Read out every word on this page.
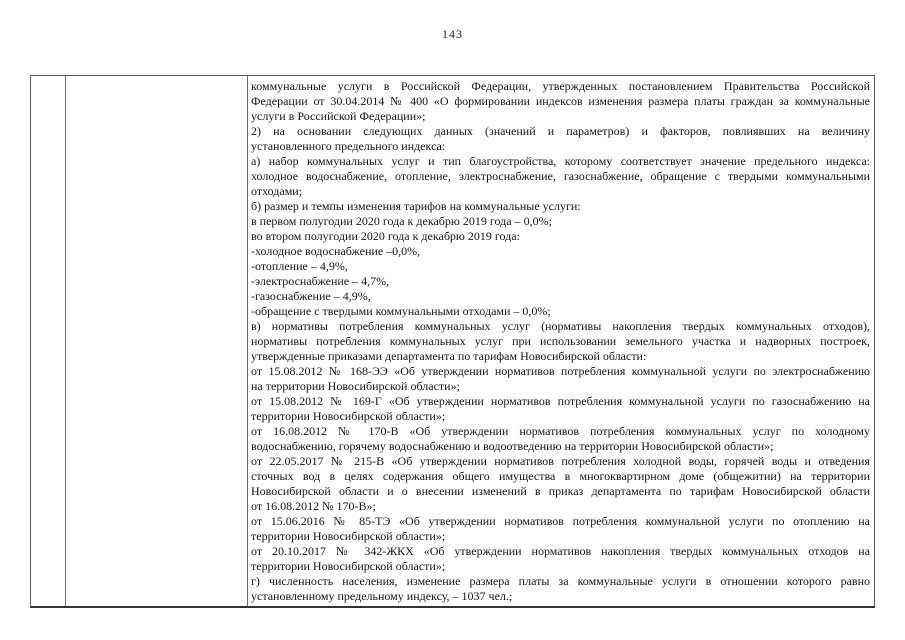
143
коммунальные услуги в Российской Федерации, утвержденных постановлением Правительства Российской
Федерации от 30.04.2014 № 400 «О формировании индексов изменения размера платы граждан за коммунальные
услуги в Российской Федерации»;
2) на основании следующих данных (значений и параметров) и факторов, повлиявших на величину
установленного предельного индекса:
а) набор коммунальных услуг и тип благоустройства, которому соответствует значение предельного индекса:
холодное водоснабжение, отопление, электроснабжение, газоснабжение, обращение с твердыми коммунальными
отходами;
б) размер и темпы изменения тарифов на коммунальные услуги:
в первом полугодии 2020 года к декабрю 2019 года – 0,0%;
во втором полугодии 2020 года к декабрю 2019 года:
-холодное водоснабжение –0,0%,
-отопление – 4,9%,
-электроснабжение – 4,7%,
-газоснабжение – 4,9%,
-обращение с твердыми коммунальными отходами – 0,0%;
в) нормативы потребления коммунальных услуг (нормативы накопления твердых коммунальных отходов),
нормативы потребления коммунальных услуг при использовании земельного участка и надворных построек,
утвержденные приказами департамента по тарифам Новосибирской области:
от 15.08.2012 № 168-ЭЭ «Об утверждении нормативов потребления коммунальной услуги по электроснабжению
на территории Новосибирской области»;
от 15.08.2012 № 169-Г «Об утверждении нормативов потребления коммунальной услуги по газоснабжению на
территории Новосибирской области»;
от 16.08.2012 № 170-В «Об утверждении нормативов потребления коммунальных услуг по холодному
водоснабжению, горячему водоснабжению и водоотведению на территории Новосибирской области»;
от 22.05.2017 № 215-В «Об утверждении нормативов потребления холодной воды, горячей воды и отведения
сточных вод в целях содержания общего имущества в многоквартирном доме (общежитии) на территории
Новосибирской области и о внесении изменений в приказ департамента по тарифам Новосибирской области
от 16.08.2012 № 170-В»;
от 15.06.2016 № 85-ТЭ «Об утверждении нормативов потребления коммунальной услуги по отоплению на
территории Новосибирской области»;
от 20.10.2017 № 342-ЖКХ «Об утверждении нормативов накопления твердых коммунальных отходов на
территории Новосибирской области»;
г) численность населения, изменение размера платы за коммунальные услуги в отношении которого равно
установленному предельному индексу, – 1037 чел.;
